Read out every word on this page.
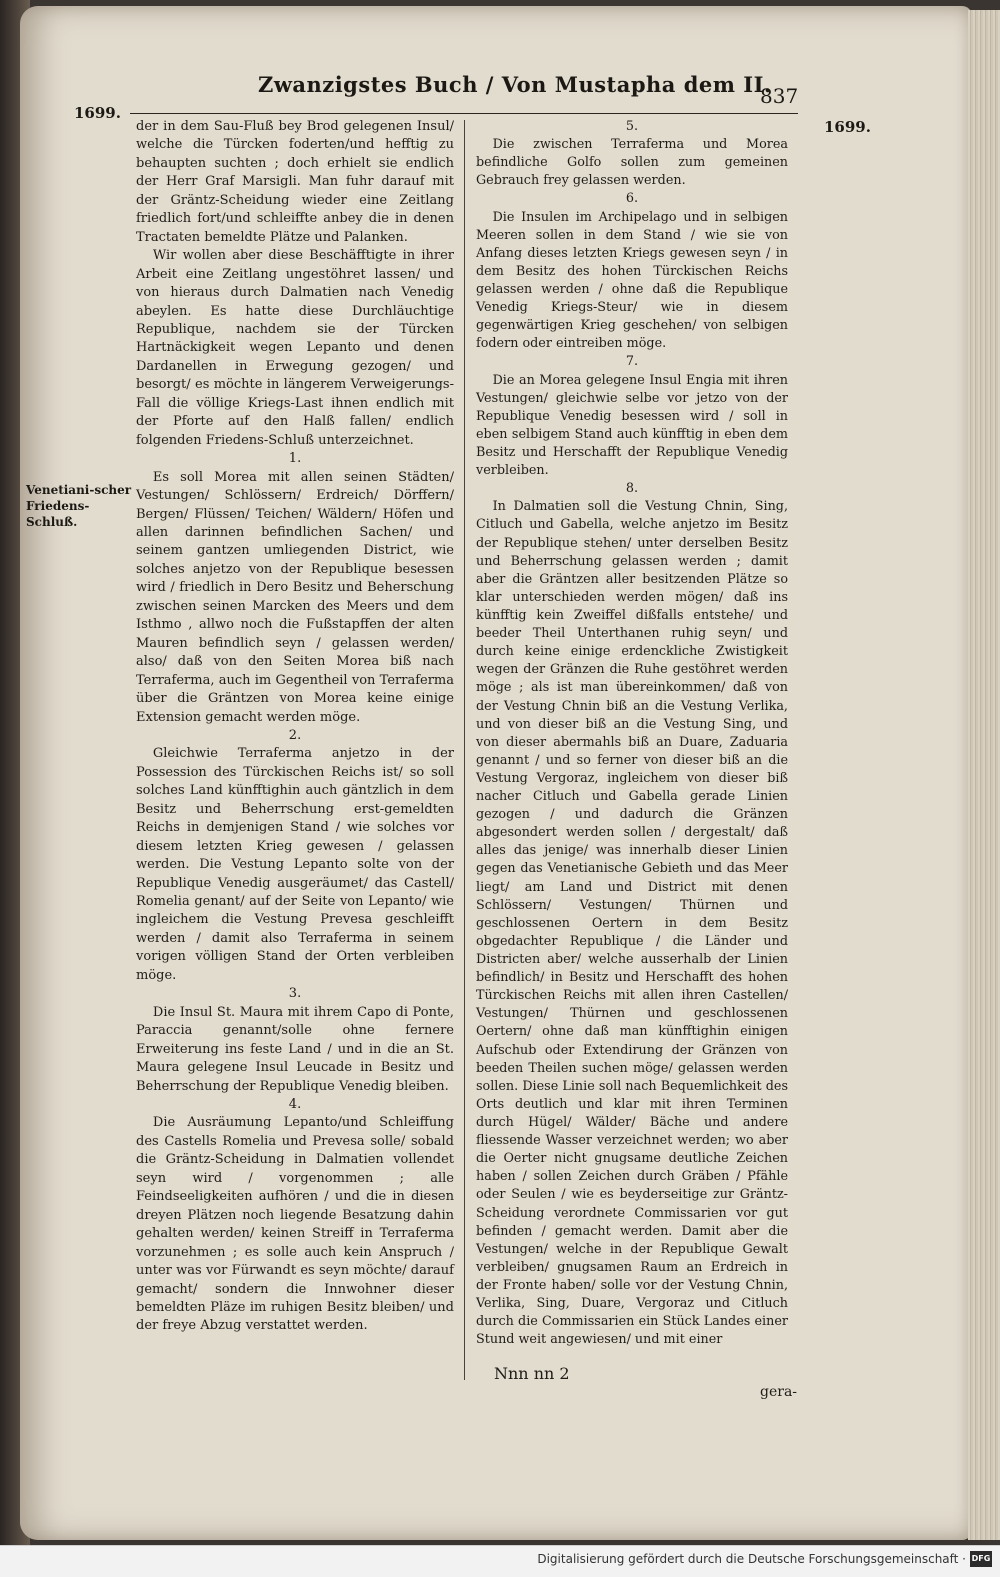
Zwanzigstes Buch / Von Mustapha dem II.
837
1699.
1699.
Venetiani-scher Friedens-Schluß.

der in dem Sau-Fluß bey Brod gelegenen Insul/ welche die Türcken foderten/und hefftig zu behaupten suchten ; doch erhielt sie endlich der Herr Graf Marsigli. Man fuhr darauf mit der Gräntz-Scheidung wieder eine Zeitlang friedlich fort/und schleiffte anbey die in denen Tractaten bemeldte Plätze und Palanken.

Wir wollen aber diese Beschäfftigte in ihrer Arbeit eine Zeitlang ungestöhret lassen/ und von hieraus durch Dalmatien nach Venedig abeylen. Es hatte diese Durchläuchtige Republique, nachdem sie der Türcken Hartnäckigkeit wegen Lepanto und denen Dardanellen in Erwegung gezogen/ und besorgt/ es möchte in längerem Verweigerungs-Fall die völlige Kriegs-Last ihnen endlich mit der Pforte auf den Halß fallen/ endlich folgenden Friedens-Schluß unterzeichnet.

1.

Es soll Morea mit allen seinen Städten/ Vestungen/ Schlössern/ Erdreich/ Dörffern/ Bergen/ Flüssen/ Teichen/ Wäldern/ Höfen und allen darinnen befindlichen Sachen/ und seinem gantzen umliegenden District, wie solches anjetzo von der Republique besessen wird / friedlich in Dero Besitz und Beherschung zwischen seinen Marcken des Meers und dem Isthmo , allwo noch die Fußstapffen der alten Mauren befindlich seyn / gelassen werden/ also/ daß von den Seiten Morea biß nach Terraferma, auch im Gegentheil von Terraferma über die Gräntzen von Morea keine einige Extension gemacht werden möge.

2.

Gleichwie Terraferma anjetzo in der Possession des Türckischen Reichs ist/ so soll solches Land künfftighin auch gäntzlich in dem Besitz und Beherrschung erst-gemeldten Reichs in demjenigen Stand / wie solches vor diesem letzten Krieg gewesen / gelassen werden. Die Vestung Lepanto solte von der Republique Venedig ausgeräumet/ das Castell/ Romelia genant/ auf der Seite von Lepanto/ wie ingleichem die Vestung Prevesa geschleifft werden / damit also Terraferma in seinem vorigen völligen Stand der Orten verbleiben möge.

3.

Die Insul St. Maura mit ihrem Capo di Ponte, Paraccia genannt/solle ohne fernere Erweiterung ins feste Land / und in die an St. Maura gelegene Insul Leucade in Besitz und Beherrschung der Republique Venedig bleiben.

4.

Die Ausräumung Lepanto/und Schleiffung des Castells Romelia und Prevesa solle/ sobald die Gräntz-Scheidung in Dalmatien vollendet seyn wird / vorgenommen ; alle Feindseeligkeiten aufhören / und die in diesen dreyen Plätzen noch liegende Besatzung dahin gehalten werden/ keinen Streiff in Terraferma vorzunehmen ; es solle auch kein Anspruch / unter was vor Fürwandt es seyn möchte/ darauf gemacht/ sondern die Innwohner dieser bemeldten Pläze im ruhigen Besitz bleiben/ und der freye Abzug verstattet werden.

5.

Die zwischen Terraferma und Morea befindliche Golfo sollen zum gemeinen Gebrauch frey gelassen werden.

6.

Die Insulen im Archipelago und in selbigen Meeren sollen in dem Stand / wie sie von Anfang dieses letzten Kriegs gewesen seyn / in dem Besitz des hohen Türckischen Reichs gelassen werden / ohne daß die Republique Venedig Kriegs-Steur/ wie in diesem gegenwärtigen Krieg geschehen/ von selbigen fodern oder eintreiben möge.

7.

Die an Morea gelegene Insul Engia mit ihren Vestungen/ gleichwie selbe vor jetzo von der Republique Venedig besessen wird / soll in eben selbigem Stand auch künfftig in eben dem Besitz und Herschafft der Republique Venedig verbleiben.

8.

In Dalmatien soll die Vestung Chnin, Sing, Citluch und Gabella, welche anjetzo im Besitz der Republique stehen/ unter derselben Besitz und Beherrschung gelassen werden ; damit aber die Gräntzen aller besitzenden Plätze so klar unterschieden werden mögen/ daß ins künfftig kein Zweiffel dißfalls entstehe/ und beeder Theil Unterthanen ruhig seyn/ und durch keine einige erdenckliche Zwistigkeit wegen der Gränzen die Ruhe gestöhret werden möge ; als ist man übereinkommen/ daß von der Vestung Chnin biß an die Vestung Verlika, und von dieser biß an die Vestung Sing, und von dieser abermahls biß an Duare, Zaduaria genannt / und so ferner von dieser biß an die Vestung Vergoraz, ingleichem von dieser biß nacher Citluch und Gabella gerade Linien gezogen / und dadurch die Gränzen abgesondert werden sollen / dergestalt/ daß alles das jenige/ was innerhalb dieser Linien gegen das Venetianische Gebieth und das Meer liegt/ am Land und District mit denen Schlössern/ Vestungen/ Thürnen und geschlossenen Oertern in dem Besitz obgedachter Republique / die Länder und Districten aber/ welche ausserhalb der Linien befindlich/ in Besitz und Herschafft des hohen Türckischen Reichs mit allen ihren Castellen/ Vestungen/ Thürnen und geschlossenen Oertern/ ohne daß man künfftighin einigen Aufschub oder Extendirung der Gränzen von beeden Theilen suchen möge/ gelassen werden sollen. Diese Linie soll nach Bequemlichkeit des Orts deutlich und klar mit ihren Terminen durch Hügel/ Wälder/ Bäche und andere fliessende Wasser verzeichnet werden; wo aber die Oerter nicht gnugsame deutliche Zeichen haben / sollen Zeichen durch Gräben / Pfähle oder Seulen / wie es beyderseitige zur Gräntz-Scheidung verordnete Commissarien vor gut befinden / gemacht werden. Damit aber die Vestungen/ welche in der Republique Gewalt verbleiben/ gnugsamen Raum an Erdreich in der Fronte haben/ solle vor der Vestung Chnin, Verlika, Sing, Duare, Vergoraz und Citluch durch die Commissarien ein Stück Landes einer Stund weit angewiesen/ und mit einer

Nnn nn 2
gera-
Digitalisierung gefördert durch die Deutsche Forschungsgemeinschaft · DFG
